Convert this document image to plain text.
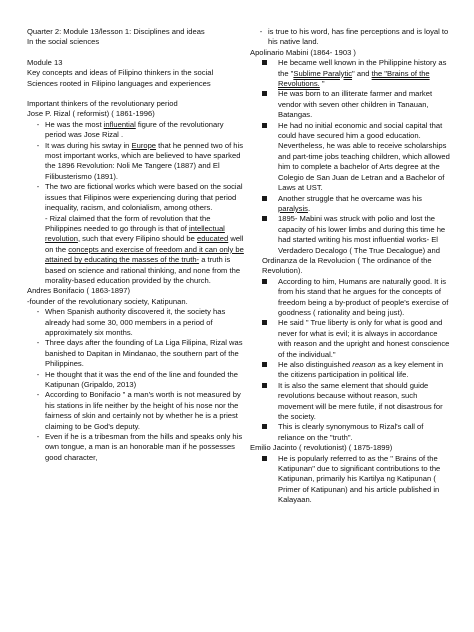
Quarter 2: Module 13/lesson 1: Disciplines and ideas
In the social sciences
Module 13
Key concepts and ideas of Filipino thinkers in the social Sciences rooted in Filipino languages and experiences
Important thinkers of the revolutionary period
Jose P. Rizal ( reformist) ( 1861-1996)
- He was the most influential figure of the revolutionary period was Jose Rizal .
- It was during his swtay in Europe that he penned two of his most important works, which are believed to have sparked the 1896 Revolution: Noli Me Tangere (1887) and El Filibusterismo (1891).
- The two are fictional works which were based on the social issues that Filipinos were experiencing during that period inequality, racism, and colonialism, among others.
- Rizal claimed that the form of revolution that the Philippines needed to go through is that of intellectual revolution, such that every Filipino should be educated well on the concepts and exercise of freedom and it can only be attained by educating the masses of the truth- a truth is based on science and rational thinking, and none from the morality-based education provided by the church.
Andres Bonifacio ( 1863-1897)
-founder of the revolutionary society, Katipunan.
- When Spanish authority discovered it, the society has already had some 30, 000 members in a period of approximately six months.
- Three days after the founding of La Liga Filipina, Rizal was banished to Dapitan in Mindanao, the southern part of the Philippines.
- He thought that it was the end of the line and founded the Katipunan (Gripaldo, 2013)
- According to Bonifacio " a man's worth is not measured by his stations in life neither by the height of his nose nor the fairness of skin and certainly not by whether he is a priest claiming to be God's deputy.
- Even if he is a tribesman from the hills and speaks only his own tongue, a man is an honorable man if he possesses good character,
- is true to his word, has fine perceptions and is loyal to his native land.
Apolinario Mabini (1864- 1903 )
He became well known in the Philippine history as the "Sublime Paralytic" and the "Brains of the Revolutions. "
He was born to an illiterate farmer and market vendor with seven other children in Tanauan, Batangas.
He had no initial economic and social capital that could have secured him a good education. Nevertheless, he was able to receive scholarships and part-time jobs teaching children, which allowed him to complete a bachelor of Arts degree at the Colegio de San Juan de Letran and a Bachelor of Laws at UST.
Another struggle that he overcame was his paralysis.
1895- Mabini was struck with polio and lost the capacity of his lower limbs and during this time he had started writing his most influential works- El Verdadero Decalogo ( The True Decalogue) and
Ordinanza de la Revolucion ( The ordinance of the Revolution).
According to him, Humans are naturally good. It is from his stand that he argues for the concepts of freedom being a by-product of people's exercise of goodness ( rationality and being just).
He said " True liberty is only for what is good and never for what is evil; it is always in accordance with reason and the upright and honest conscience of the individual."
He also distinguished reason as a key element in the citizens participation in political life.
It is also the same element that should guide revolutions because without reason, such movement will be mere futile, if not disastrous for the society.
This is clearly synonymous to Rizal's call of reliance on the "truth".
Emilio Jacinto ( revolutionist) ( 1875-1899)
He is popularly referred to as the " Brains of the Katipunan" due to significant contributions to the Katipunan, primarily his Kartilya ng Katipunan ( Primer of Katipunan) and his article published in Kalayaan.
